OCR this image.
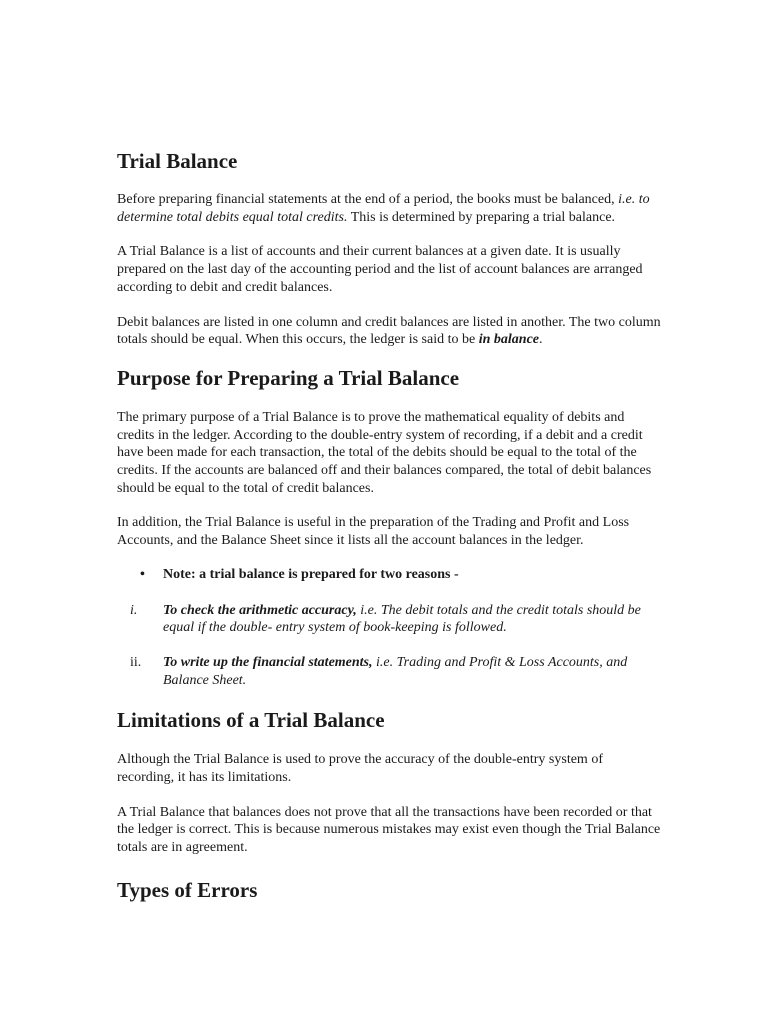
Trial Balance

Before preparing financial statements at the end of a period, the books must be balanced, i.e. to determine total debits equal total credits. This is determined by preparing a trial balance.

A Trial Balance is a list of accounts and their current balances at a given date. It is usually prepared on the last day of the accounting period and the list of account balances are arranged according to debit and credit balances.

Debit balances are listed in one column and credit balances are listed in another. The two column totals should be equal. When this occurs, the ledger is said to be in balance.

Purpose for Preparing a Trial Balance

The primary purpose of a Trial Balance is to prove the mathematical equality of debits and credits in the ledger. According to the double-entry system of recording, if a debit and a credit have been made for each transaction, the total of the debits should be equal to the total of the credits. If the accounts are balanced off and their balances compared, the total of debit balances should be equal to the total of credit balances.

In addition, the Trial Balance is useful in the preparation of the Trading and Profit and Loss Accounts, and the Balance Sheet since it lists all the account balances in the ledger.

•	Note: a trial balance is prepared for two reasons -
i.	To check the arithmetic accuracy, i.e. The debit totals and the credit totals should be equal if the double- entry system of book-keeping is followed.
ii.	To write up the financial statements, i.e. Trading and Profit & Loss Accounts, and Balance Sheet.
Limitations of a Trial Balance

Although the Trial Balance is used to prove the accuracy of the double-entry system of recording, it has its limitations.

A Trial Balance that balances does not prove that all the transactions have been recorded or that the ledger is correct. This is because numerous mistakes may exist even though the Trial Balance totals are in agreement.

Types of Errors
